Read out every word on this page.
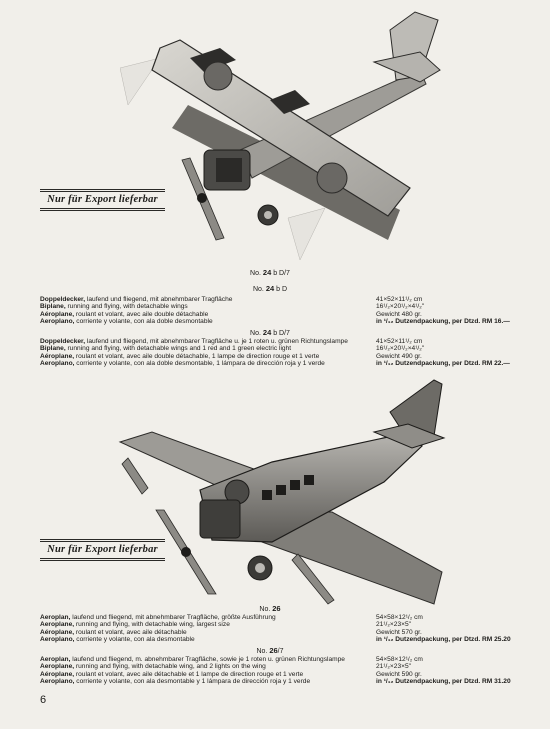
Nur für Export lieferbar
No. 24 b D/7
No. 24 b D
Doppeldecker, laufend und fliegend, mit abnehmbarer Tragfläche
Biplane, running and flying, with detachable wings
Aéroplane, roulant et volant, avec aile double détachable
Aeroplano, corriente y volante, con ala doble desmontable
41×52×11¹/₂ cm
16¹/₂×20¹/₂×4¹/₂"
Gewicht 480 gr.
in ¹/₁₂ Dutzendpackung, per Dtzd. RM 16.—
No. 24 b D/7
Doppeldecker, laufend und fliegend, mit abnehmbarer Tragfläche u. je 1 roten u. grünen Richtungslampe
Biplane, running and flying, with detachable wings and 1 red and 1 green electric light
Aéroplane, roulant et volant, avec aile double détachable, 1 lampe de direction rouge et 1 verte
Aeroplano, corriente y volante, con ala doble desmontable, 1 lámpara de dirección roja y 1 verde
41×52×11¹/₂ cm
16¹/₂×20¹/₂×4¹/₂"
Gewicht 490 gr.
in ¹/₁₂ Dutzendpackung, per Dtzd. RM 22.—
Nur für Export lieferbar
No. 26
Aeroplan, laufend und fliegend, mit abnehmbarer Tragfläche, größte Ausführung
Aeroplane, running and flying, with detachable wing, largest size
Aéroplane, roulant et volant, avec aile détachable
Aeroplano, corriente y volante, con ala desmontable
54×58×12¹/₂ cm
21¹/₂×23×5"
Gewicht 570 gr.
in ¹/₁₂ Dutzendpackung, per Dtzd. RM 25.20
No. 26/7
Aeroplan, laufend und fliegend, m. abnehmbarer Tragfläche, sowie je 1 roten u. grünen Richtungslampe
Aeroplane, running and flying, with detachable wing, and 2 lights on the wing
Aéroplane, roulant et volant, avec aile détachable et 1 lampe de direction rouge et 1 verte
Aeroplano, corriente y volante, con ala desmontable y 1 lámpara de dirección roja y 1 verde
54×58×12¹/₂ cm
21¹/₂×23×5"
Gewicht 590 gr.
in ¹/₁₂ Dutzendpackung, per Dtzd. RM 31.20
6
